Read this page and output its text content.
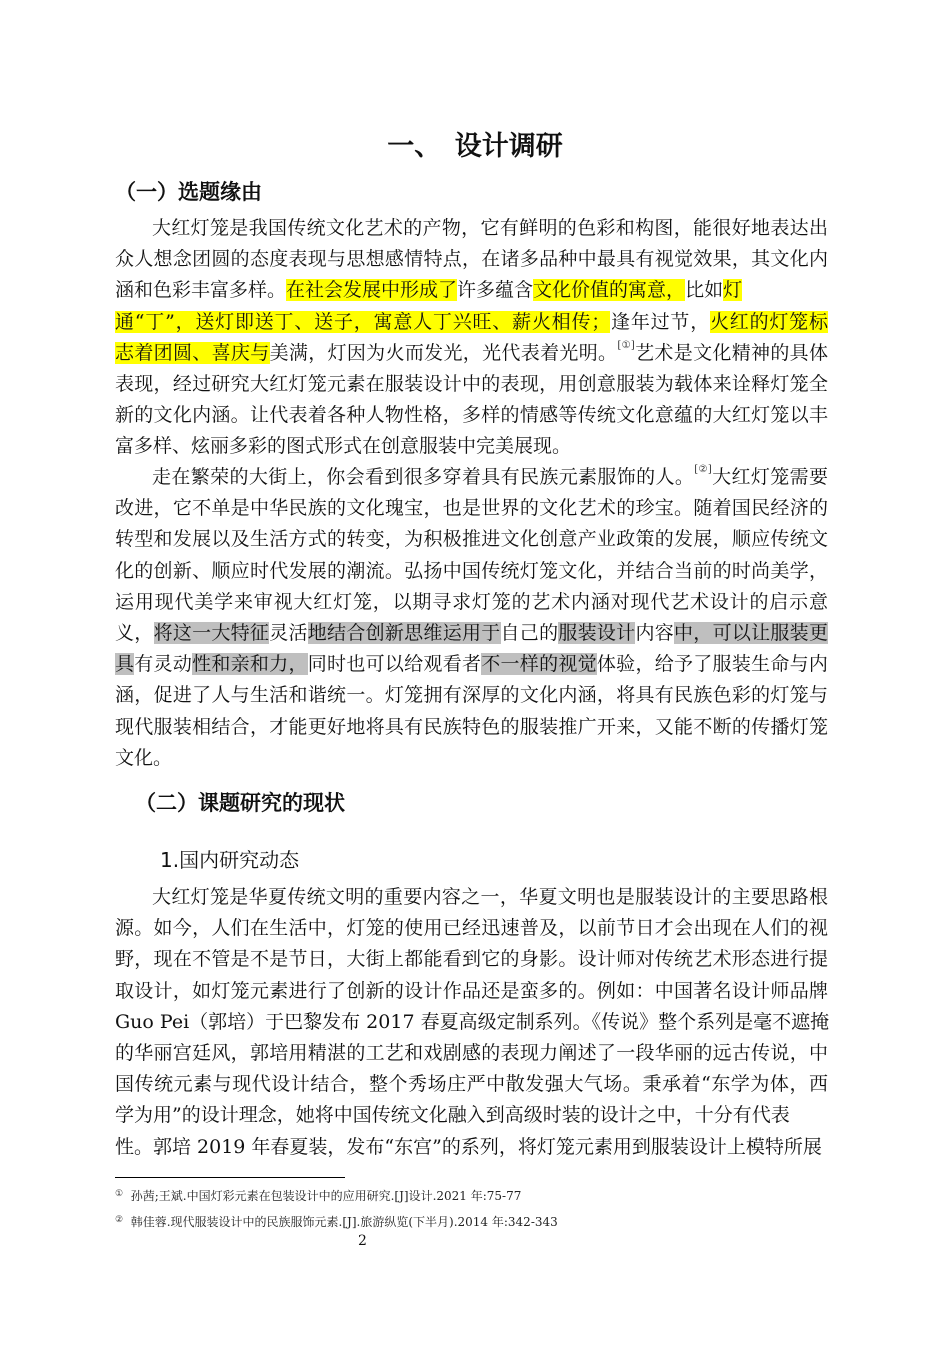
一、　设计调研
（一）选题缘由
大红灯笼是我国传统文化艺术的产物，它有鲜明的色彩和构图，能很好地表达出
众人想念团圆的态度表现与思想感情特点，在诸多品种中最具有视觉效果，其文化内
涵和色彩丰富多样。在社会发展中形成了许多蕴含文化价值的寓意，比如灯
通“丁”，送灯即送丁、送子，寓意人丁兴旺、薪火相传；逢年过节，火红的灯笼标
志着团圆、喜庆与美满，灯因为火而发光，光代表着光明。[①]艺术是文化精神的具体
表现，经过研究大红灯笼元素在服装设计中的表现，用创意服装为载体来诠释灯笼全
新的文化内涵。让代表着各种人物性格，多样的情感等传统文化意蕴的大红灯笼以丰
富多样、炫丽多彩的图式形式在创意服装中完美展现。
走在繁荣的大街上，你会看到很多穿着具有民族元素服饰的人。[②]大红灯笼需要
改进，它不单是中华民族的文化瑰宝，也是世界的文化艺术的珍宝。随着国民经济的
转型和发展以及生活方式的转变，为积极推进文化创意产业政策的发展，顺应传统文
化的创新、顺应时代发展的潮流。弘扬中国传统灯笼文化，并结合当前的时尚美学，
运用现代美学来审视大红灯笼，以期寻求灯笼的艺术内涵对现代艺术设计的启示意
义，将这一大特征灵活地结合创新思维运用于自己的服装设计内容中，可以让服装更
具有灵动性和亲和力，同时也可以给观看者不一样的视觉体验，给予了服装生命与内
涵，促进了人与生活和谐统一。灯笼拥有深厚的文化内涵，将具有民族色彩的灯笼与
现代服装相结合，才能更好地将具有民族特色的服装推广开来，又能不断的传播灯笼
文化。
（二）课题研究的现状
1.国内研究动态
大红灯笼是华夏传统文明的重要内容之一，华夏文明也是服装设计的主要思路根
源。如今，人们在生活中，灯笼的使用已经迅速普及，以前节日才会出现在人们的视
野，现在不管是不是节日，大街上都能看到它的身影。设计师对传统艺术形态进行提
取设计，如灯笼元素进行了创新的设计作品还是蛮多的。例如：中国著名设计师品牌
Guo Pei（郭培）于巴黎发布 2017 春夏高级定制系列。《传说》整个系列是毫不遮掩
的华丽宫廷风，郭培用精湛的工艺和戏剧感的表现力阐述了一段华丽的远古传说，中
国传统元素与现代设计结合，整个秀场庄严中散发强大气场。秉承着“东学为体，西
学为用”的设计理念，她将中国传统文化融入到高级时装的设计之中，十分有代表
性。郭培 2019 年春夏装，发布“东宫”的系列，将灯笼元素用到服装设计上模特所展
① 孙茜;王斌.中国灯彩元素在包装设计中的应用研究.[J]设计.2021 年:75-77
② 韩佳蓉.现代服装设计中的民族服饰元素.[J].旅游纵览(下半月).2014 年:342-343
2
